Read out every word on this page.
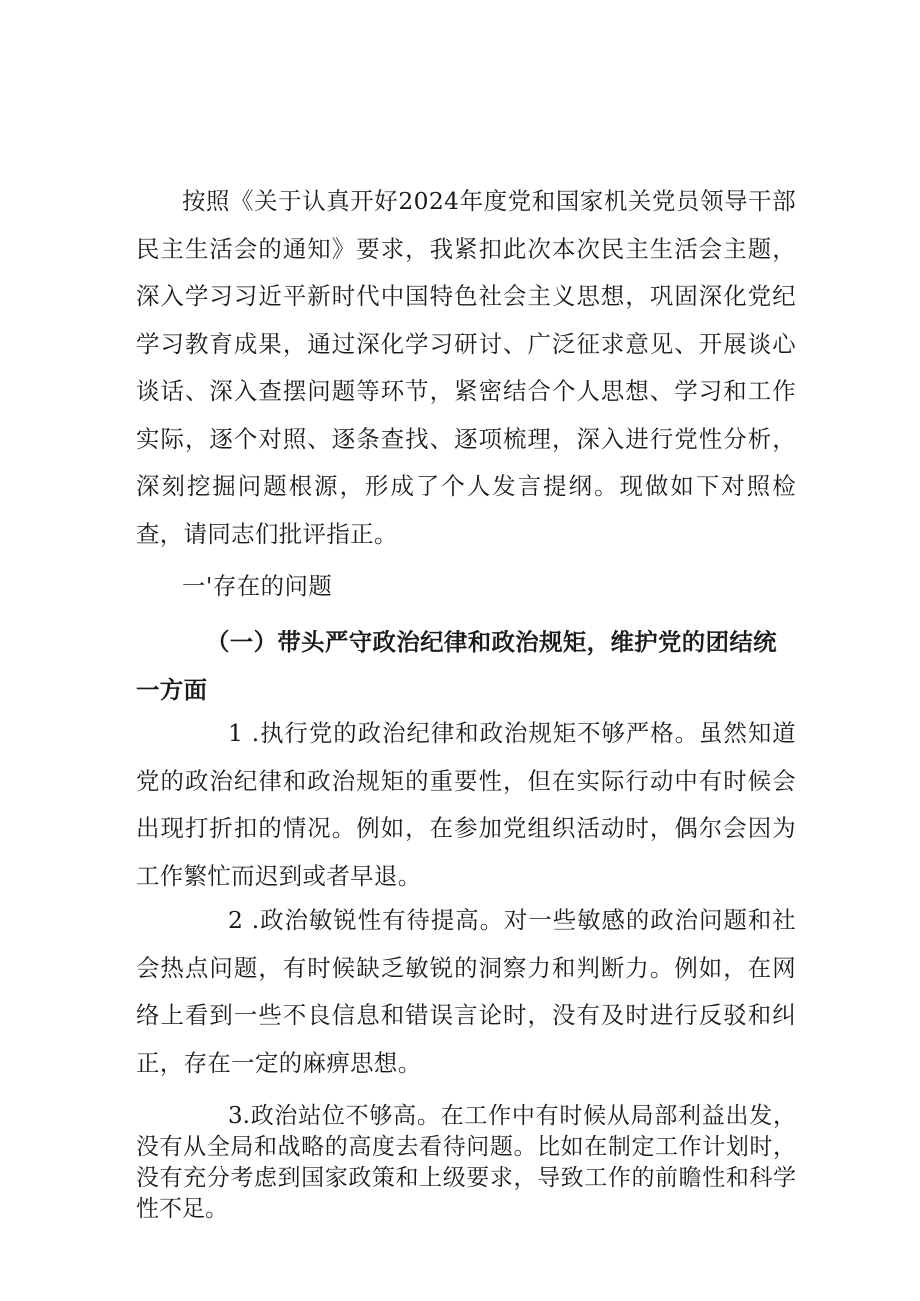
按照《关于认真开好2024年度党和国家机关党员领导干部民主生活会的通知》要求，我紧扣此次本次民主生活会主题，深入学习习近平新时代中国特色社会主义思想，巩固深化党纪学习教育成果，通过深化学习研讨、广泛征求意见、开展谈心谈话、深入查摆问题等环节，紧密结合个人思想、学习和工作实际，逐个对照、逐条查找、逐项梳理，深入进行党性分析，深刻挖掘问题根源，形成了个人发言提纲。现做如下对照检查，请同志们批评指正。

一'存在的问题
（一）带头严守政治纪律和政治规矩，维护党的团结统一方面

1 .执行党的政治纪律和政治规矩不够严格。虽然知道党的政治纪律和政治规矩的重要性，但在实际行动中有时候会出现打折扣的情况。例如，在参加党组织活动时，偶尔会因为工作繁忙而迟到或者早退。

2 .政治敏锐性有待提高。对一些敏感的政治问题和社会热点问题，有时候缺乏敏锐的洞察力和判断力。例如，在网络上看到一些不良信息和错误言论时，没有及时进行反驳和纠正，存在一定的麻痹思想。

3.政治站位不够高。在工作中有时候从局部利益出发，没有从全局和战略的高度去看待问题。比如在制定工作计划时，没有充分考虑到国家政策和上级要求，导致工作的前瞻性和科学性不足。
